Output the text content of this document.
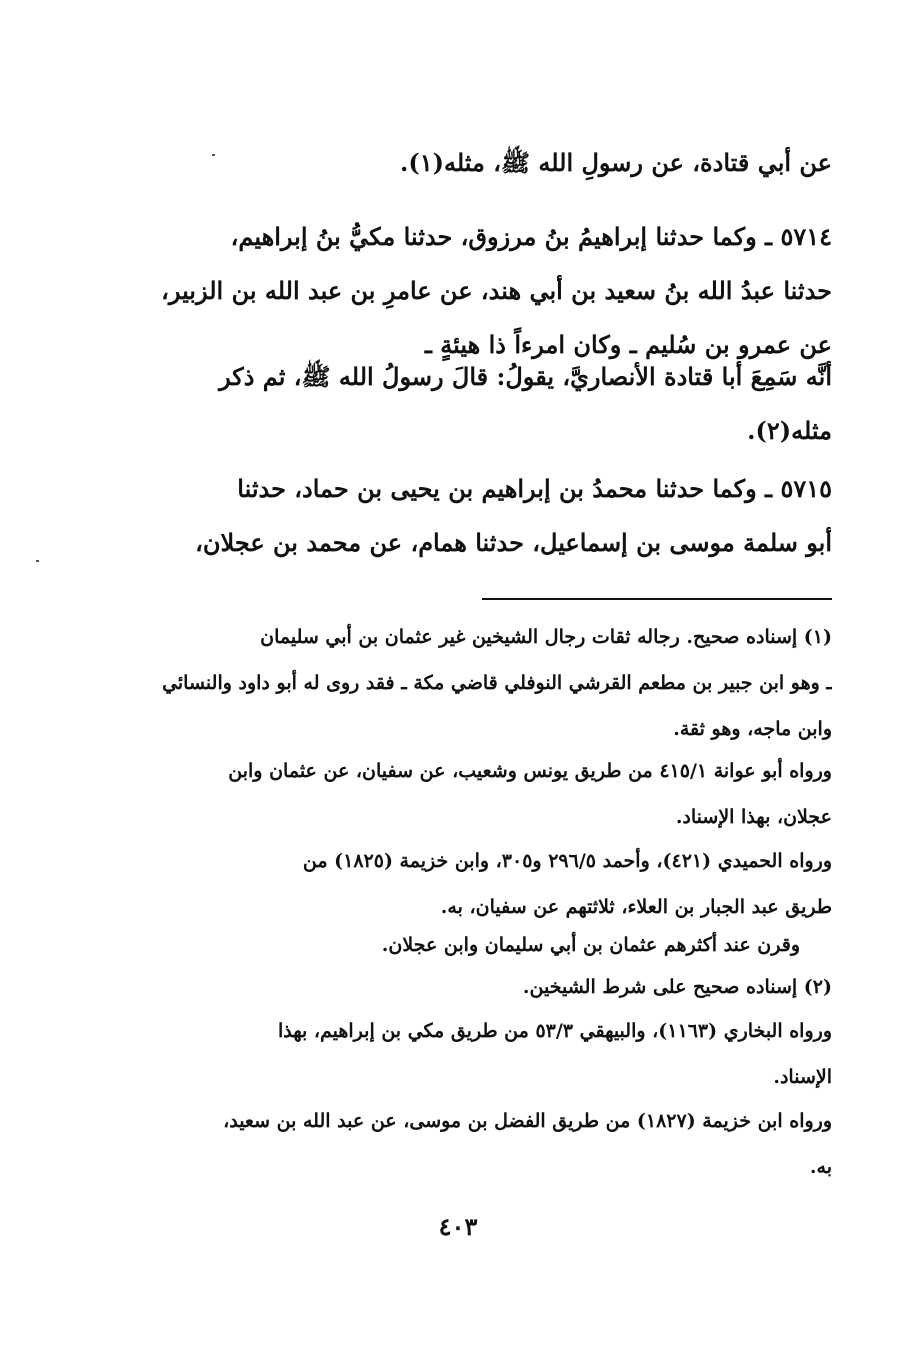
عن أبي قتادة، عن رسولِ الله ﷺ، مثله(١).
٥٧١٤ ـ وكما حدثنا إبراهيمُ بنُ مرزوق، حدثنا مكيُّ بنُ إبراهيم،
حدثنا عبدُ الله بنُ سعيد بن أبي هند، عن عامرِ بن عبد الله بن الزبير،
عن عمرو بن سُليم ـ وكان امرءاً ذا هيئةٍ ـ
أنَّه سَمِعَ أبا قتادة الأنصاريَّ، يقولُ: قالَ رسولُ الله ﷺ، ثم ذكر
مثله(٢).
٥٧١٥ ـ وكما حدثنا محمدُ بن إبراهيم بن يحيى بن حماد، حدثنا
أبو سلمة موسى بن إسماعيل، حدثنا همام، عن محمد بن عجلان،
(١) إسناده صحيح. رجاله ثقات رجال الشيخين غير عثمان بن أبي سليمان
ـ وهو ابن جبير بن مطعم القرشي النوفلي قاضي مكة ـ فقد روى له أبو داود والنسائي
وابن ماجه، وهو ثقة.
ورواه أبو عوانة ٤١٥/١ من طريق يونس وشعيب، عن سفيان، عن عثمان وابن
عجلان، بهذا الإسناد.
ورواه الحميدي (٤٢١)، وأحمد ٢٩٦/٥ و٣٠٥، وابن خزيمة (١٨٢٥) من
طريق عبد الجبار بن العلاء، ثلاثتهم عن سفيان، به.
وقرن عند أكثرهم عثمان بن أبي سليمان وابن عجلان.
(٢) إسناده صحيح على شرط الشيخين.
ورواه البخاري (١١٦٣)، والبيهقي ٥٣/٣ من طريق مكي بن إبراهيم، بهذا
الإسناد.
ورواه ابن خزيمة (١٨٢٧) من طريق الفضل بن موسى، عن عبد الله بن سعيد،
به.
٤٠٣
